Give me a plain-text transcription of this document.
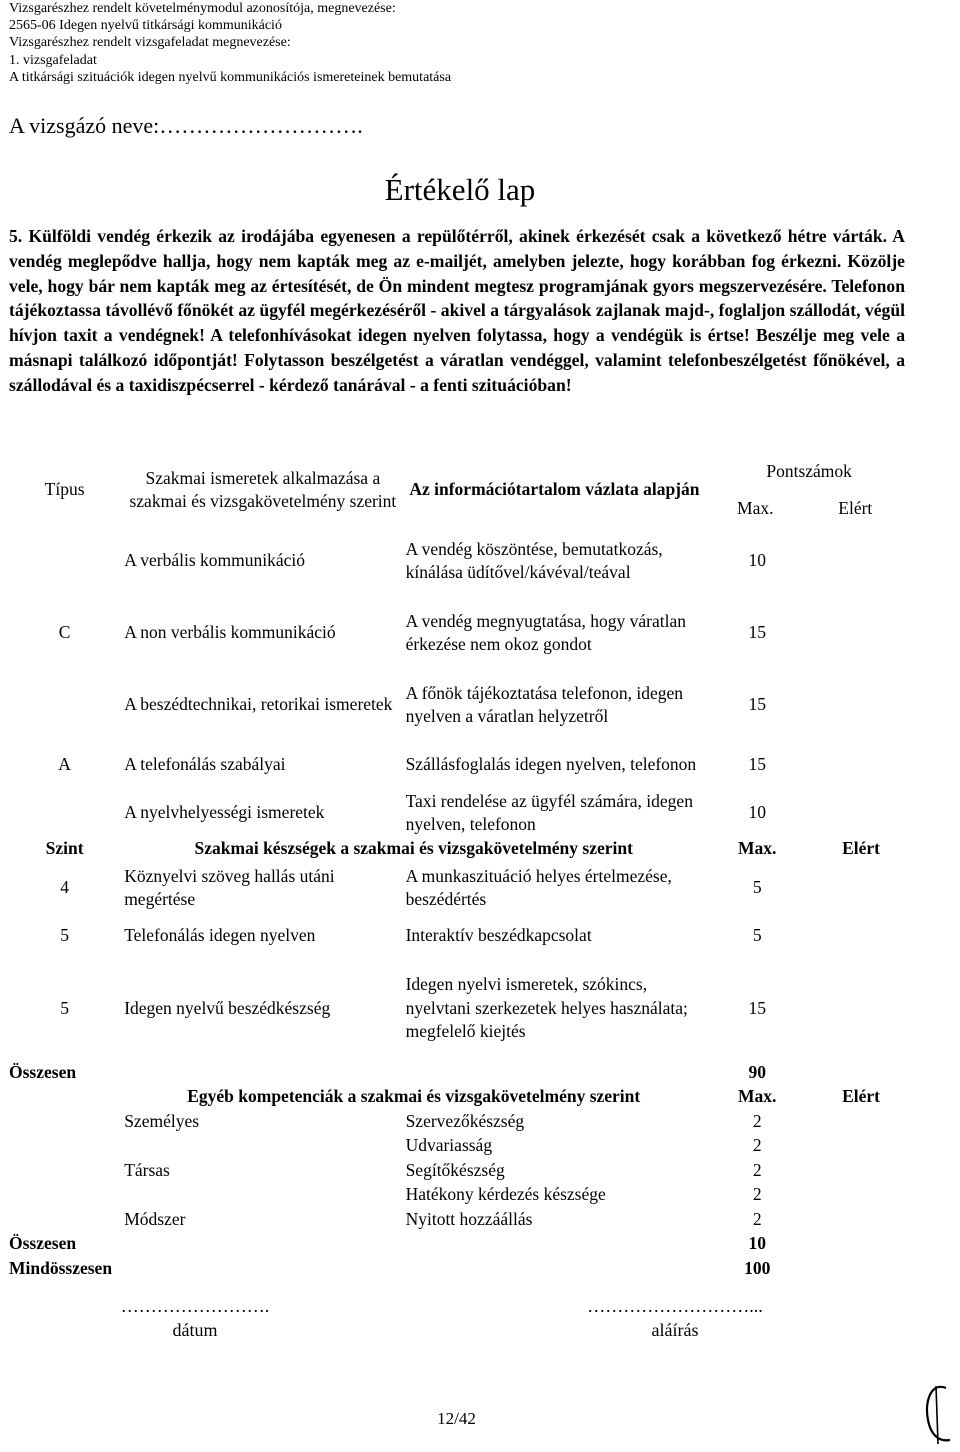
Vizsgarészhez rendelt követelménymodul azonosítója, megnevezése:
2565-06 Idegen nyelvű titkársági kommunikáció
Vizsgarészhez rendelt vizsgafeladat megnevezése:
1. vizsgafeladat
A titkársági szituációk idegen nyelvű kommunikációs ismereteinek bemutatása
A vizsgázó neve:……………………….
Értékelő lap

5. Külföldi vendég érkezik az irodájába egyenesen a repülőtérről, akinek érkezését csak a következő hétre várták. A vendég meglepődve hallja, hogy nem kapták meg az e-mailjét, amelyben jelezte, hogy korábban fog érkezni. Közölje vele, hogy bár nem kapták meg az értesítését, de Ön mindent megtesz programjának gyors megszervezésére. Telefonon tájékoztassa távollévő főnökét az ügyfél megérkezéséről - akivel a tárgyalások zajlanak majd-, foglaljon szállodát, végül hívjon taxit a vendégnek! A telefonhívásokat idegen nyelven folytassa, hogy a vendégük is értse! Beszélje meg vele a másnapi találkozó időpontját! Folytasson beszélgetést a váratlan vendéggel, valamint telefonbeszélgetést főnökével, a szállodával és a taxidiszpécserrel - kérdező tanárával - a fenti szituációban!

Típus	Szakmai ismeretek alkalmazása a szakmai és vizsgakövetelmény szerint	Az információtartalom vázlata alapján	Pontszámok
Max. Elért	

	A verbális kommunikáció	A vendég köszöntése, bemutatkozás, kínálása üdítővel/kávéval/teával	10	
C	A non verbális kommunikáció	A vendég megnyugtatása, hogy váratlan érkezése nem okoz gondot	15	
	A beszédtechnikai, retorikai ismeretek	A főnök tájékoztatása telefonon, idegen nyelven a váratlan helyzetről	15	
A	A telefonálás szabályai	Szállásfoglalás idegen nyelven, telefonon	15	
	A nyelvhelyességi ismeretek	Taxi rendelése az ügyfél számára, idegen nyelven, telefonon	10	
Szint	Szakmai készségek a szakmai és vizsgakövetelmény szerint		Max.	Elért
4	Köznyelvi szöveg hallás utáni megértése	A munkaszituáció helyes értelmezése, beszédértés	5	
5	Telefonálás idegen nyelven	Interaktív beszédkapcsolat	5	
5	Idegen nyelvű beszédkészség	Idegen nyelvi ismeretek, szókincs, nyelvtani szerkezetek helyes használata; megfelelő kiejtés	15	
Összesen			90	
	Egyéb kompetenciák a szakmai és vizsgakövetelmény szerint		Max.	Elért
	Személyes	Szervezőkészség	2	
		Udvariasság	2	
	Társas	Segítőkészség	2	
		Hatékony kérdezés készsége	2	
	Módszer	Nyitott hozzáállás	2	
Összesen			10	
Mindösszesen			100	
…………………….
dátum
………………………...
aláírás
12/42
